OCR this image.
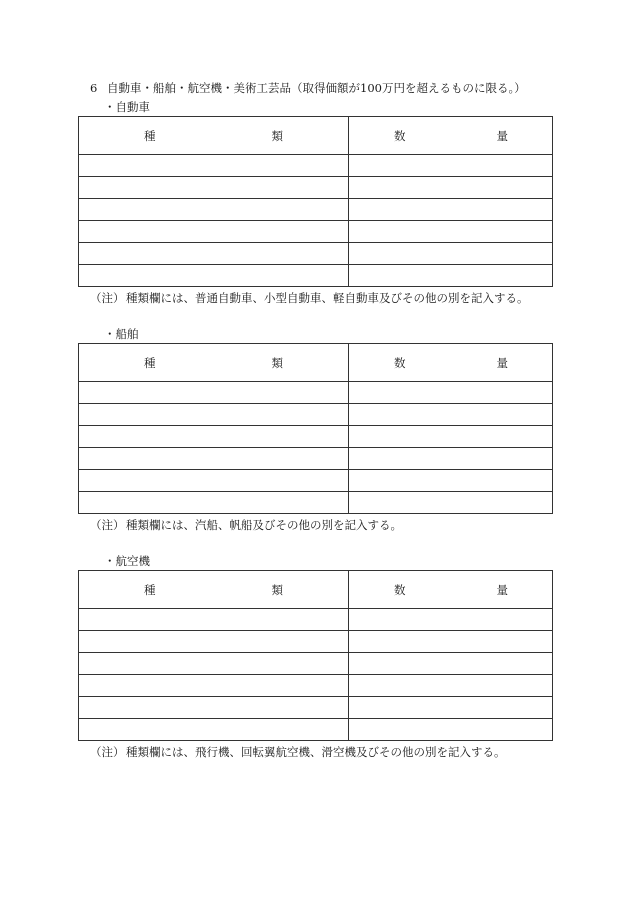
6 自動車・船舶・航空機・美術工芸品（取得価額が100万円を超えるものに限る。）
・自動車
種 類	数 量

（注） 種類欄には、普通自動車、小型自動車、軽自動車及びその他の別を記入する。
・船舶
種 類	数 量

（注） 種類欄には、汽船、帆船及びその他の別を記入する。
・航空機
種 類	数 量

（注） 種類欄には、飛行機、回転翼航空機、滑空機及びその他の別を記入する。
